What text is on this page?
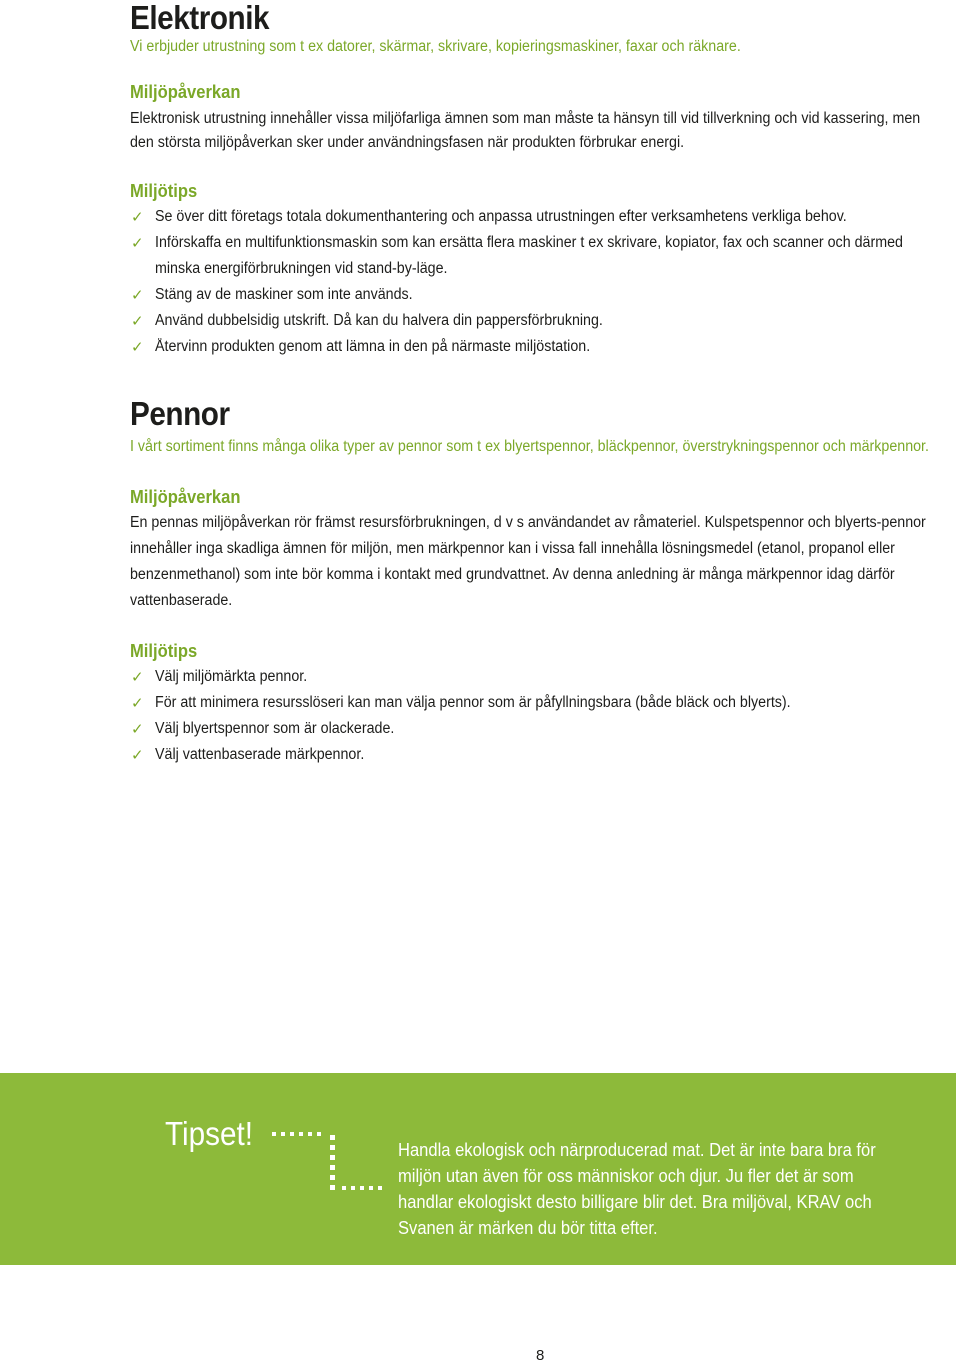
Elektronik

Vi erbjuder utrustning som t ex datorer, skärmar, skrivare, kopieringsmaskiner, faxar och räknare.

Miljöpåverkan

Elektronisk utrustning innehåller vissa miljöfarliga ämnen som man måste ta hänsyn till vid tillverkning och vid kassering, men den största miljöpåverkan sker under användningsfasen när produkten förbrukar energi.

Miljötips
✓ Se över ditt företags totala dokumenthantering och anpassa utrustningen efter verksamhetens verkliga behov.
✓ Införskaffa en multifunktionsmaskin som kan ersätta flera maskiner t ex skrivare, kopiator, fax och scanner och därmed minska energiförbrukningen vid stand-by-läge.
✓ Stäng av de maskiner som inte används.
✓ Använd dubbelsidig utskrift. Då kan du halvera din pappersförbrukning.
✓ Återvinn produkten genom att lämna in den på närmaste miljöstation.
Pennor

I vårt sortiment finns många olika typer av pennor som t ex blyertspennor, bläckpennor, överstrykningspennor och märkpennor.

Miljöpåverkan

En pennas miljöpåverkan rör främst resursförbrukningen, d v s användandet av råmateriel. Kulspetspennor och blyerts-pennor innehåller inga skadliga ämnen för miljön, men märkpennor kan i vissa fall innehålla lösningsmedel (etanol, propanol eller benzenmethanol) som inte bör komma i kontakt med grundvattnet. Av denna anledning är många märkpennor idag därför vattenbaserade.

Miljötips
✓ Välj miljömärkta pennor.
✓ För att minimera resursslöseri kan man välja pennor som är påfyllningsbara (både bläck och blyerts).
✓ Välj blyertspennor som är olackerade.
✓ Välj vattenbaserade märkpennor.
Tipset!	Handla ekologisk och närproducerad mat. Det är inte bara bra för miljön utan även för oss människor och djur. Ju fler det är som handlar ekologiskt desto billigare blir det. Bra miljöval, KRAV och Svanen är märken du bör titta efter.
8
